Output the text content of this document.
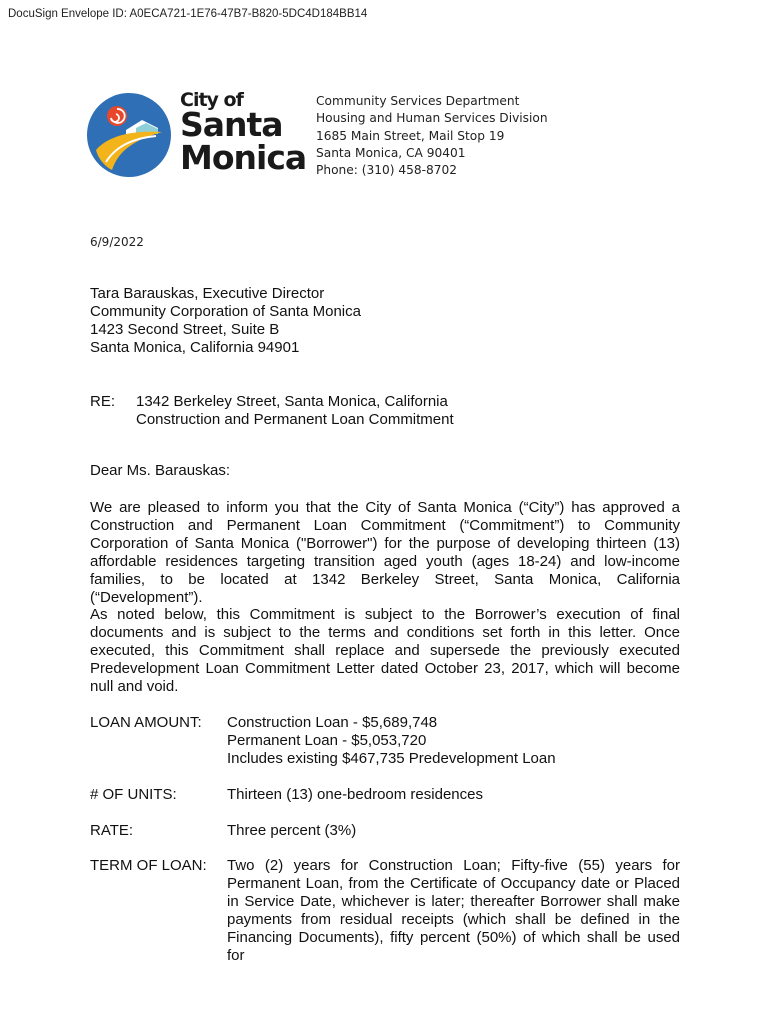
DocuSign Envelope ID: A0ECA721-1E76-47B7-B820-5DC4D184BB14
City of
Santa
Monica
Community Services Department
Housing and Human Services Division
1685 Main Street, Mail Stop 19
Santa Monica, CA 90401
Phone: (310) 458-8702
6/9/2022
Tara Barauskas, Executive Director
Community Corporation of Santa Monica
1423 Second Street, Suite B
Santa Monica, California 94901
RE: 1342 Berkeley Street, Santa Monica, California
Construction and Permanent Loan Commitment
Dear Ms. Barauskas:
We are pleased to inform you that the City of Santa Monica (“City”) has approved a Construction and Permanent Loan Commitment (“Commitment”) to Community Corporation of Santa Monica ("Borrower") for the purpose of developing thirteen (13) affordable residences targeting transition aged youth (ages 18-24) and low-income families, to be located at 1342 Berkeley Street, Santa Monica, California (“Development”).
As noted below, this Commitment is subject to the Borrower’s execution of final documents and is subject to the terms and conditions set forth in this letter. Once executed, this Commitment shall replace and supersede the previously executed Predevelopment Loan Commitment Letter dated October 23, 2017, which will become null and void.
LOAN AMOUNT: Construction Loan - $5,689,748
Permanent Loan - $5,053,720
Includes existing $467,735 Predevelopment Loan
# OF UNITS:	Thirteen (13) one-bedroom residences
RATE:	Three percent (3%)
TERM OF LOAN: Two (2) years for Construction Loan; Fifty-five (55) years for Permanent Loan, from the Certificate of Occupancy date or Placed in Service Date, whichever is later; thereafter Borrower shall make payments from residual receipts (which shall be defined in the Financing Documents), fifty percent (50%) of which shall be used for
